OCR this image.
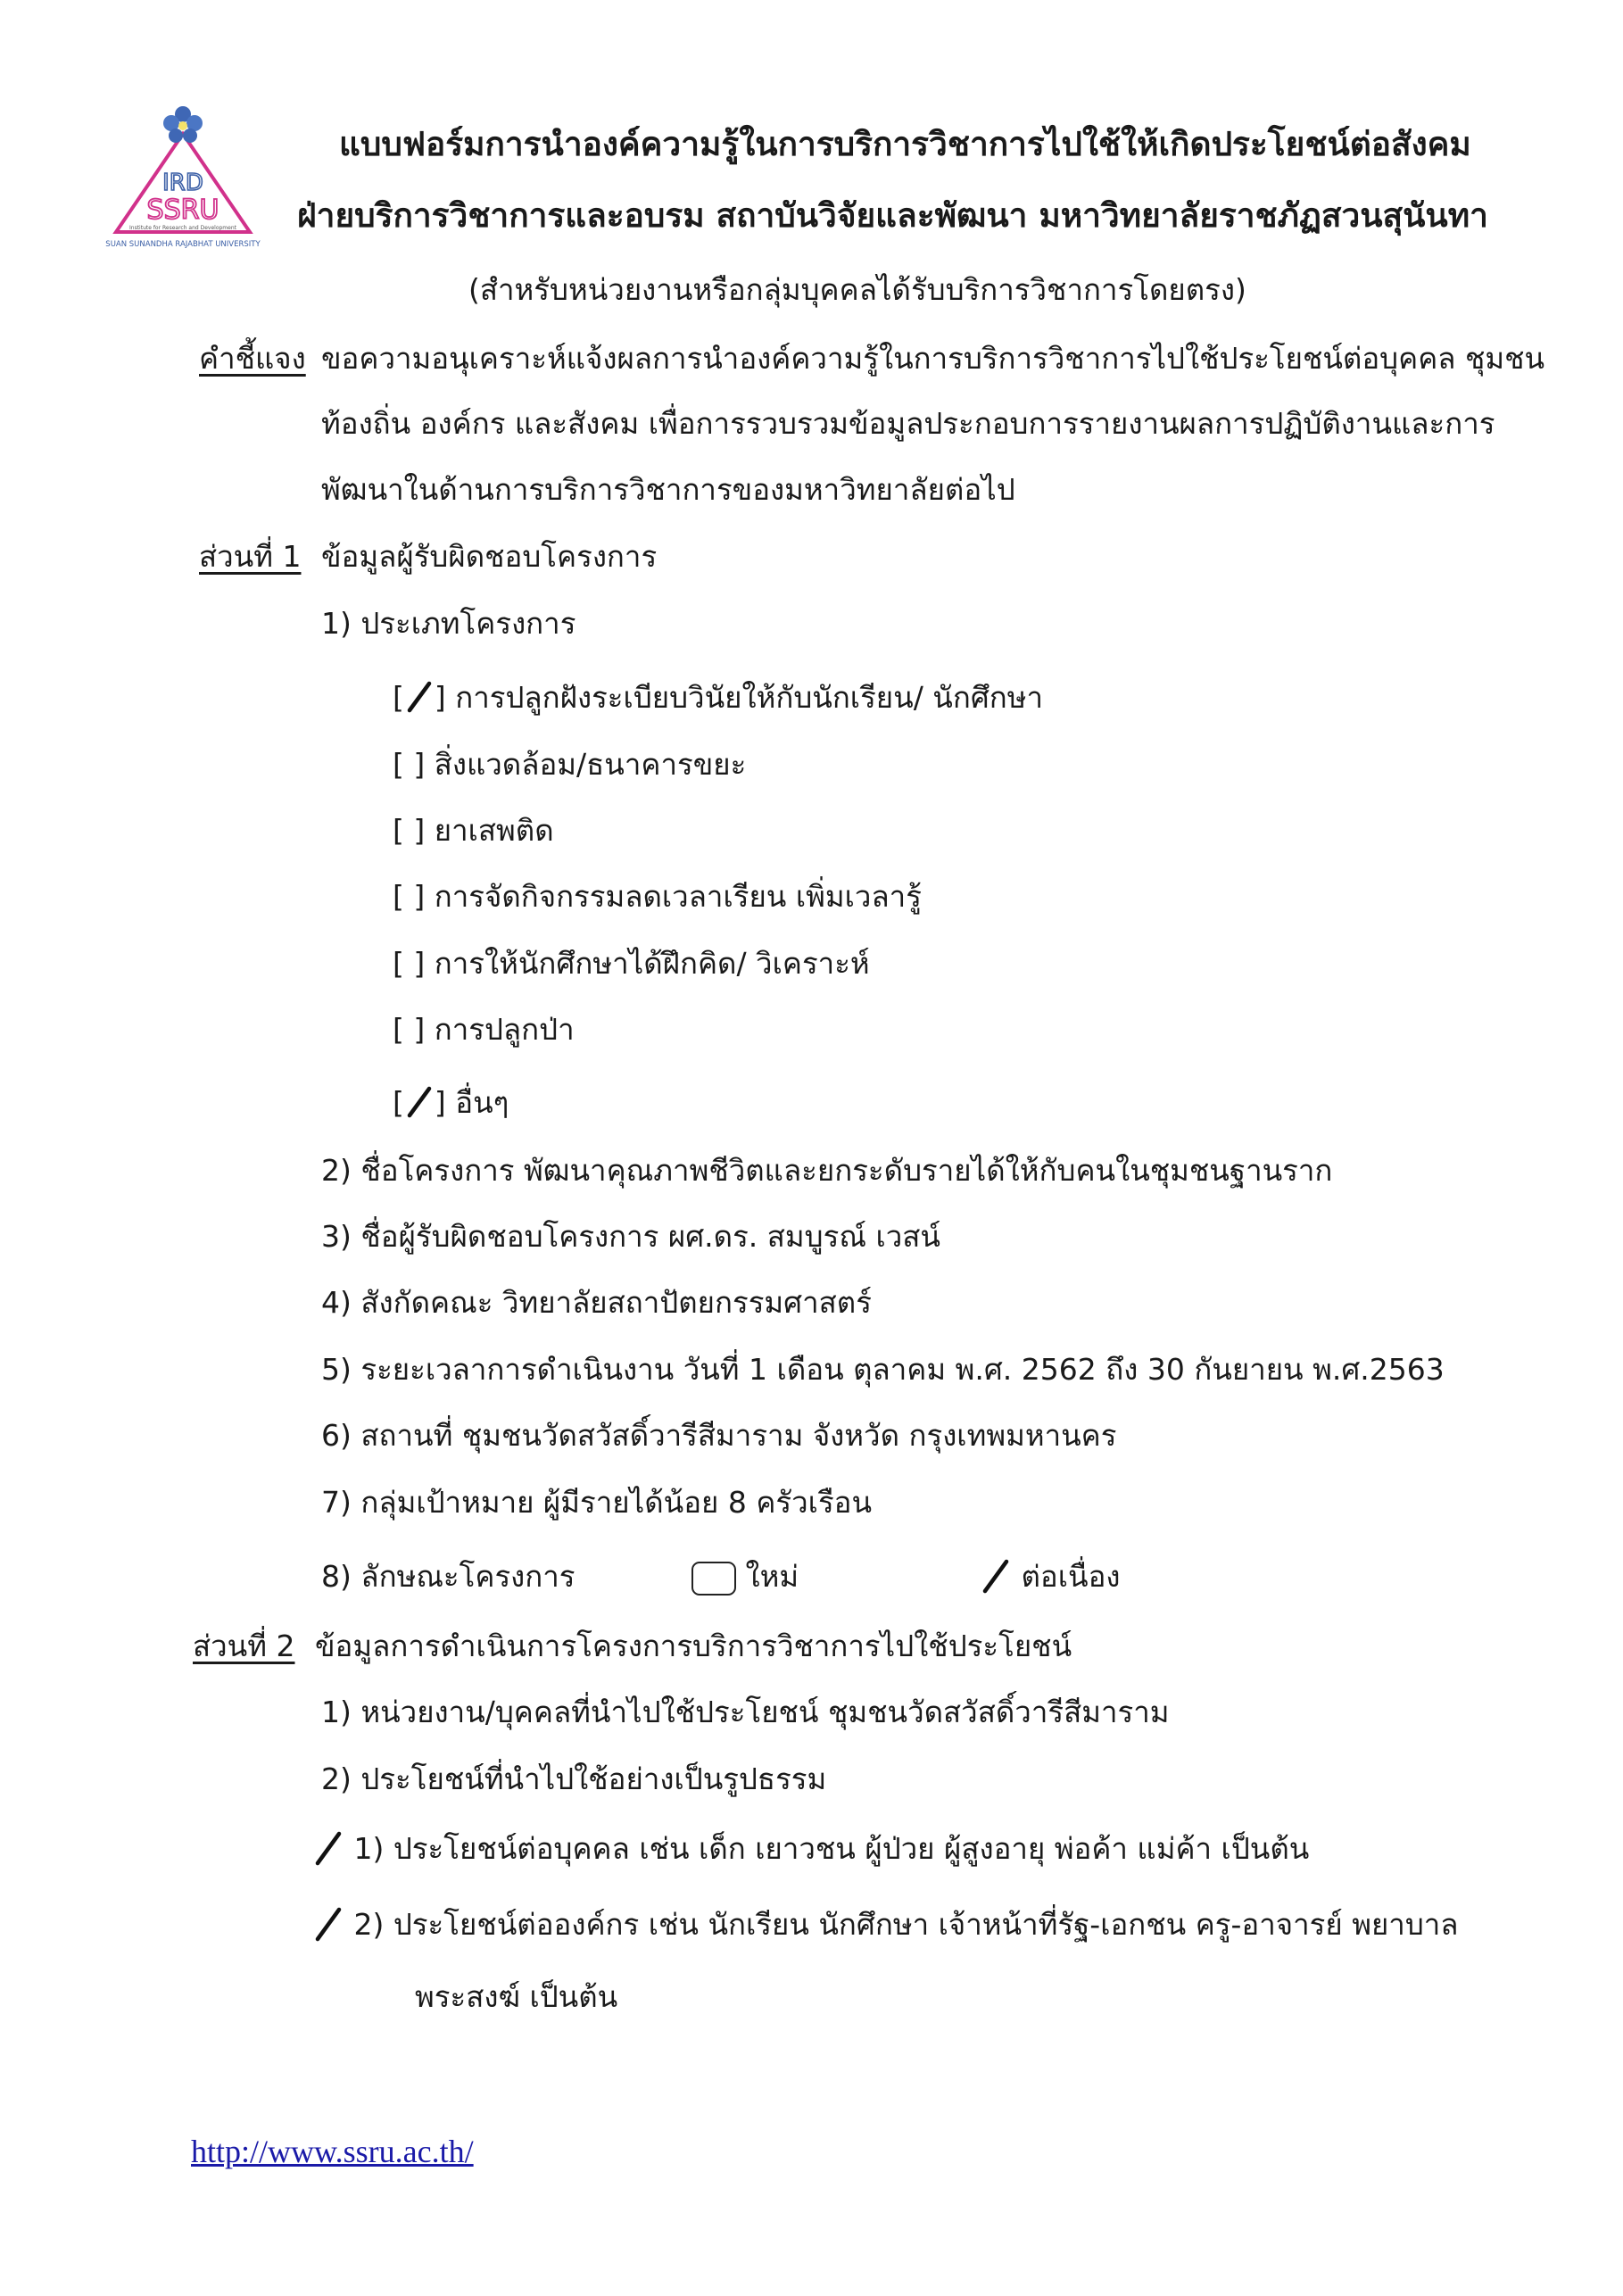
IRD
SSRU
Institute for Research and Development
SUAN SUNANDHA RAJABHAT UNIVERSITY
แบบฟอร์มการนำองค์ความรู้ในการบริการวิชาการไปใช้ให้เกิดประโยชน์ต่อสังคม
ฝ่ายบริการวิชาการและอบรม สถาบันวิจัยและพัฒนา มหาวิทยาลัยราชภัฏสวนสุนันทา
(สำหรับหน่วยงานหรือกลุ่มบุคคลได้รับบริการวิชาการโดยตรง)
คำชี้แจง ขอความอนุเคราะห์แจ้งผลการนำองค์ความรู้ในการบริการวิชาการไปใช้ประโยชน์ต่อบุคคล ชุมชน
ท้องถิ่น องค์กร และสังคม เพื่อการรวบรวมข้อมูลประกอบการรายงานผลการปฏิบัติงานและการ
พัฒนาในด้านการบริการวิชาการของมหาวิทยาลัยต่อไป
ส่วนที่ 1 ข้อมูลผู้รับผิดชอบโครงการ
1) ประเภทโครงการ
[ ] การปลูกฝังระเบียบวินัยให้กับนักเรียน/ นักศึกษา
[ ] สิ่งแวดล้อม/ธนาคารขยะ
[ ] ยาเสพติด
[ ] การจัดกิจกรรมลดเวลาเรียน เพิ่มเวลารู้
[ ] การให้นักศึกษาได้ฝึกคิด/ วิเคราะห์
[ ] การปลูกป่า
[ ] อื่นๆ
2) ชื่อโครงการ พัฒนาคุณภาพชีวิตและยกระดับรายได้ให้กับคนในชุมชนฐานราก
3) ชื่อผู้รับผิดชอบโครงการ ผศ.ดร. สมบูรณ์ เวสน์
4) สังกัดคณะ วิทยาลัยสถาปัตยกรรมศาสตร์
5) ระยะเวลาการดำเนินงาน วันที่ 1 เดือน ตุลาคม พ.ศ. 2562 ถึง 30 กันยายน พ.ศ.2563
6) สถานที่ ชุมชนวัดสวัสดิ์วารีสีมาราม จังหวัด กรุงเทพมหานคร
7) กลุ่มเป้าหมาย ผู้มีรายได้น้อย 8 ครัวเรือน
8) ลักษณะโครงการ	ใหม่	ต่อเนื่อง
ส่วนที่ 2 ข้อมูลการดำเนินการโครงการบริการวิชาการไปใช้ประโยชน์
1) หน่วยงาน/บุคคลที่นำไปใช้ประโยชน์ ชุมชนวัดสวัสดิ์วารีสีมาราม
2) ประโยชน์ที่นำไปใช้อย่างเป็นรูปธรรม
1) ประโยชน์ต่อบุคคล เช่น เด็ก เยาวชน ผู้ป่วย ผู้สูงอายุ พ่อค้า แม่ค้า เป็นต้น
2) ประโยชน์ต่อองค์กร เช่น นักเรียน นักศึกษา เจ้าหน้าที่รัฐ-เอกชน ครู-อาจารย์ พยาบาล
พระสงฆ์ เป็นต้น
http://www.ssru.ac.th/
